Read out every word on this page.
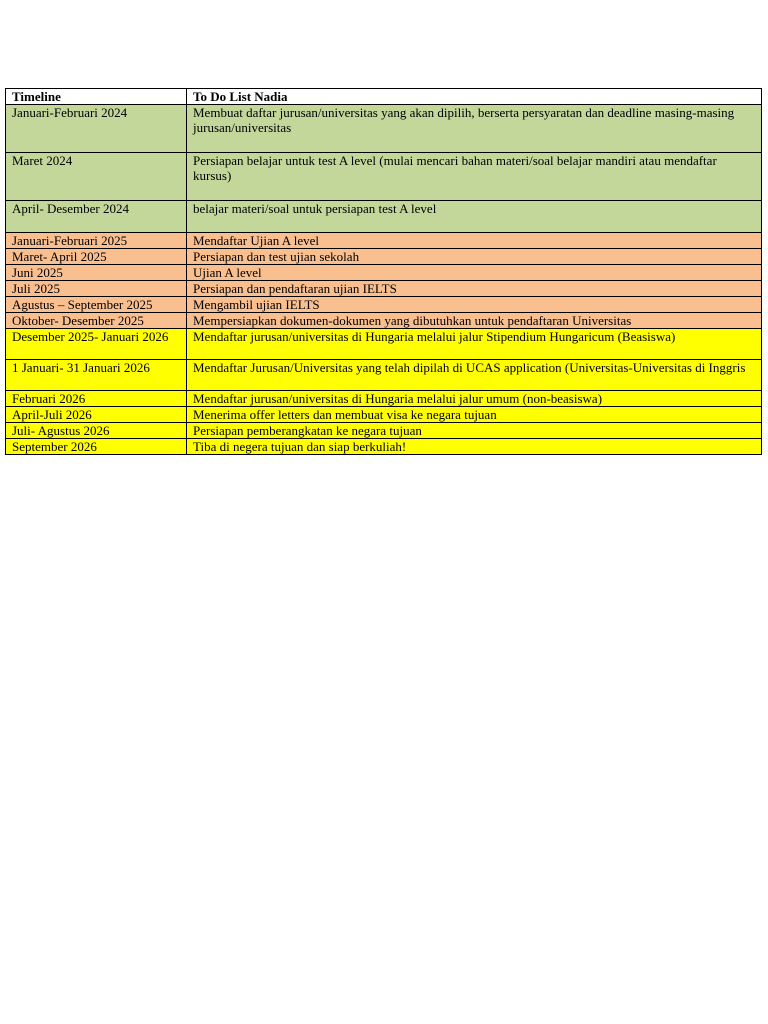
Timeline	To Do List Nadia
Januari-Februari 2024	Membuat daftar jurusan/universitas yang akan dipilih, berserta persyaratan dan deadline masing-masing jurusan/universitas
Maret 2024	Persiapan belajar untuk test A level (mulai mencari bahan materi/soal belajar mandiri atau mendaftar kursus)
April- Desember 2024	belajar materi/soal untuk persiapan test A level
Januari-Februari 2025	Mendaftar Ujian A level
Maret- April 2025	Persiapan dan test ujian sekolah
Juni 2025	Ujian A level
Juli 2025	Persiapan dan pendaftaran ujian IELTS
Agustus – September 2025	Mengambil ujian IELTS
Oktober- Desember 2025	Mempersiapkan dokumen-dokumen yang dibutuhkan untuk pendaftaran Universitas
Desember 2025- Januari 2026	Mendaftar jurusan/universitas di Hungaria melalui jalur Stipendium Hungaricum (Beasiswa)
1 Januari- 31 Januari 2026	Mendaftar Jurusan/Universitas yang telah dipilah di UCAS application (Universitas-Universitas di Inggris
Februari 2026	Mendaftar jurusan/universitas di Hungaria melalui jalur umum (non-beasiswa)
April-Juli 2026	Menerima offer letters dan membuat visa ke negara tujuan
Juli- Agustus 2026	Persiapan pemberangkatan ke negara tujuan
September 2026	Tiba di negera tujuan dan siap berkuliah!
